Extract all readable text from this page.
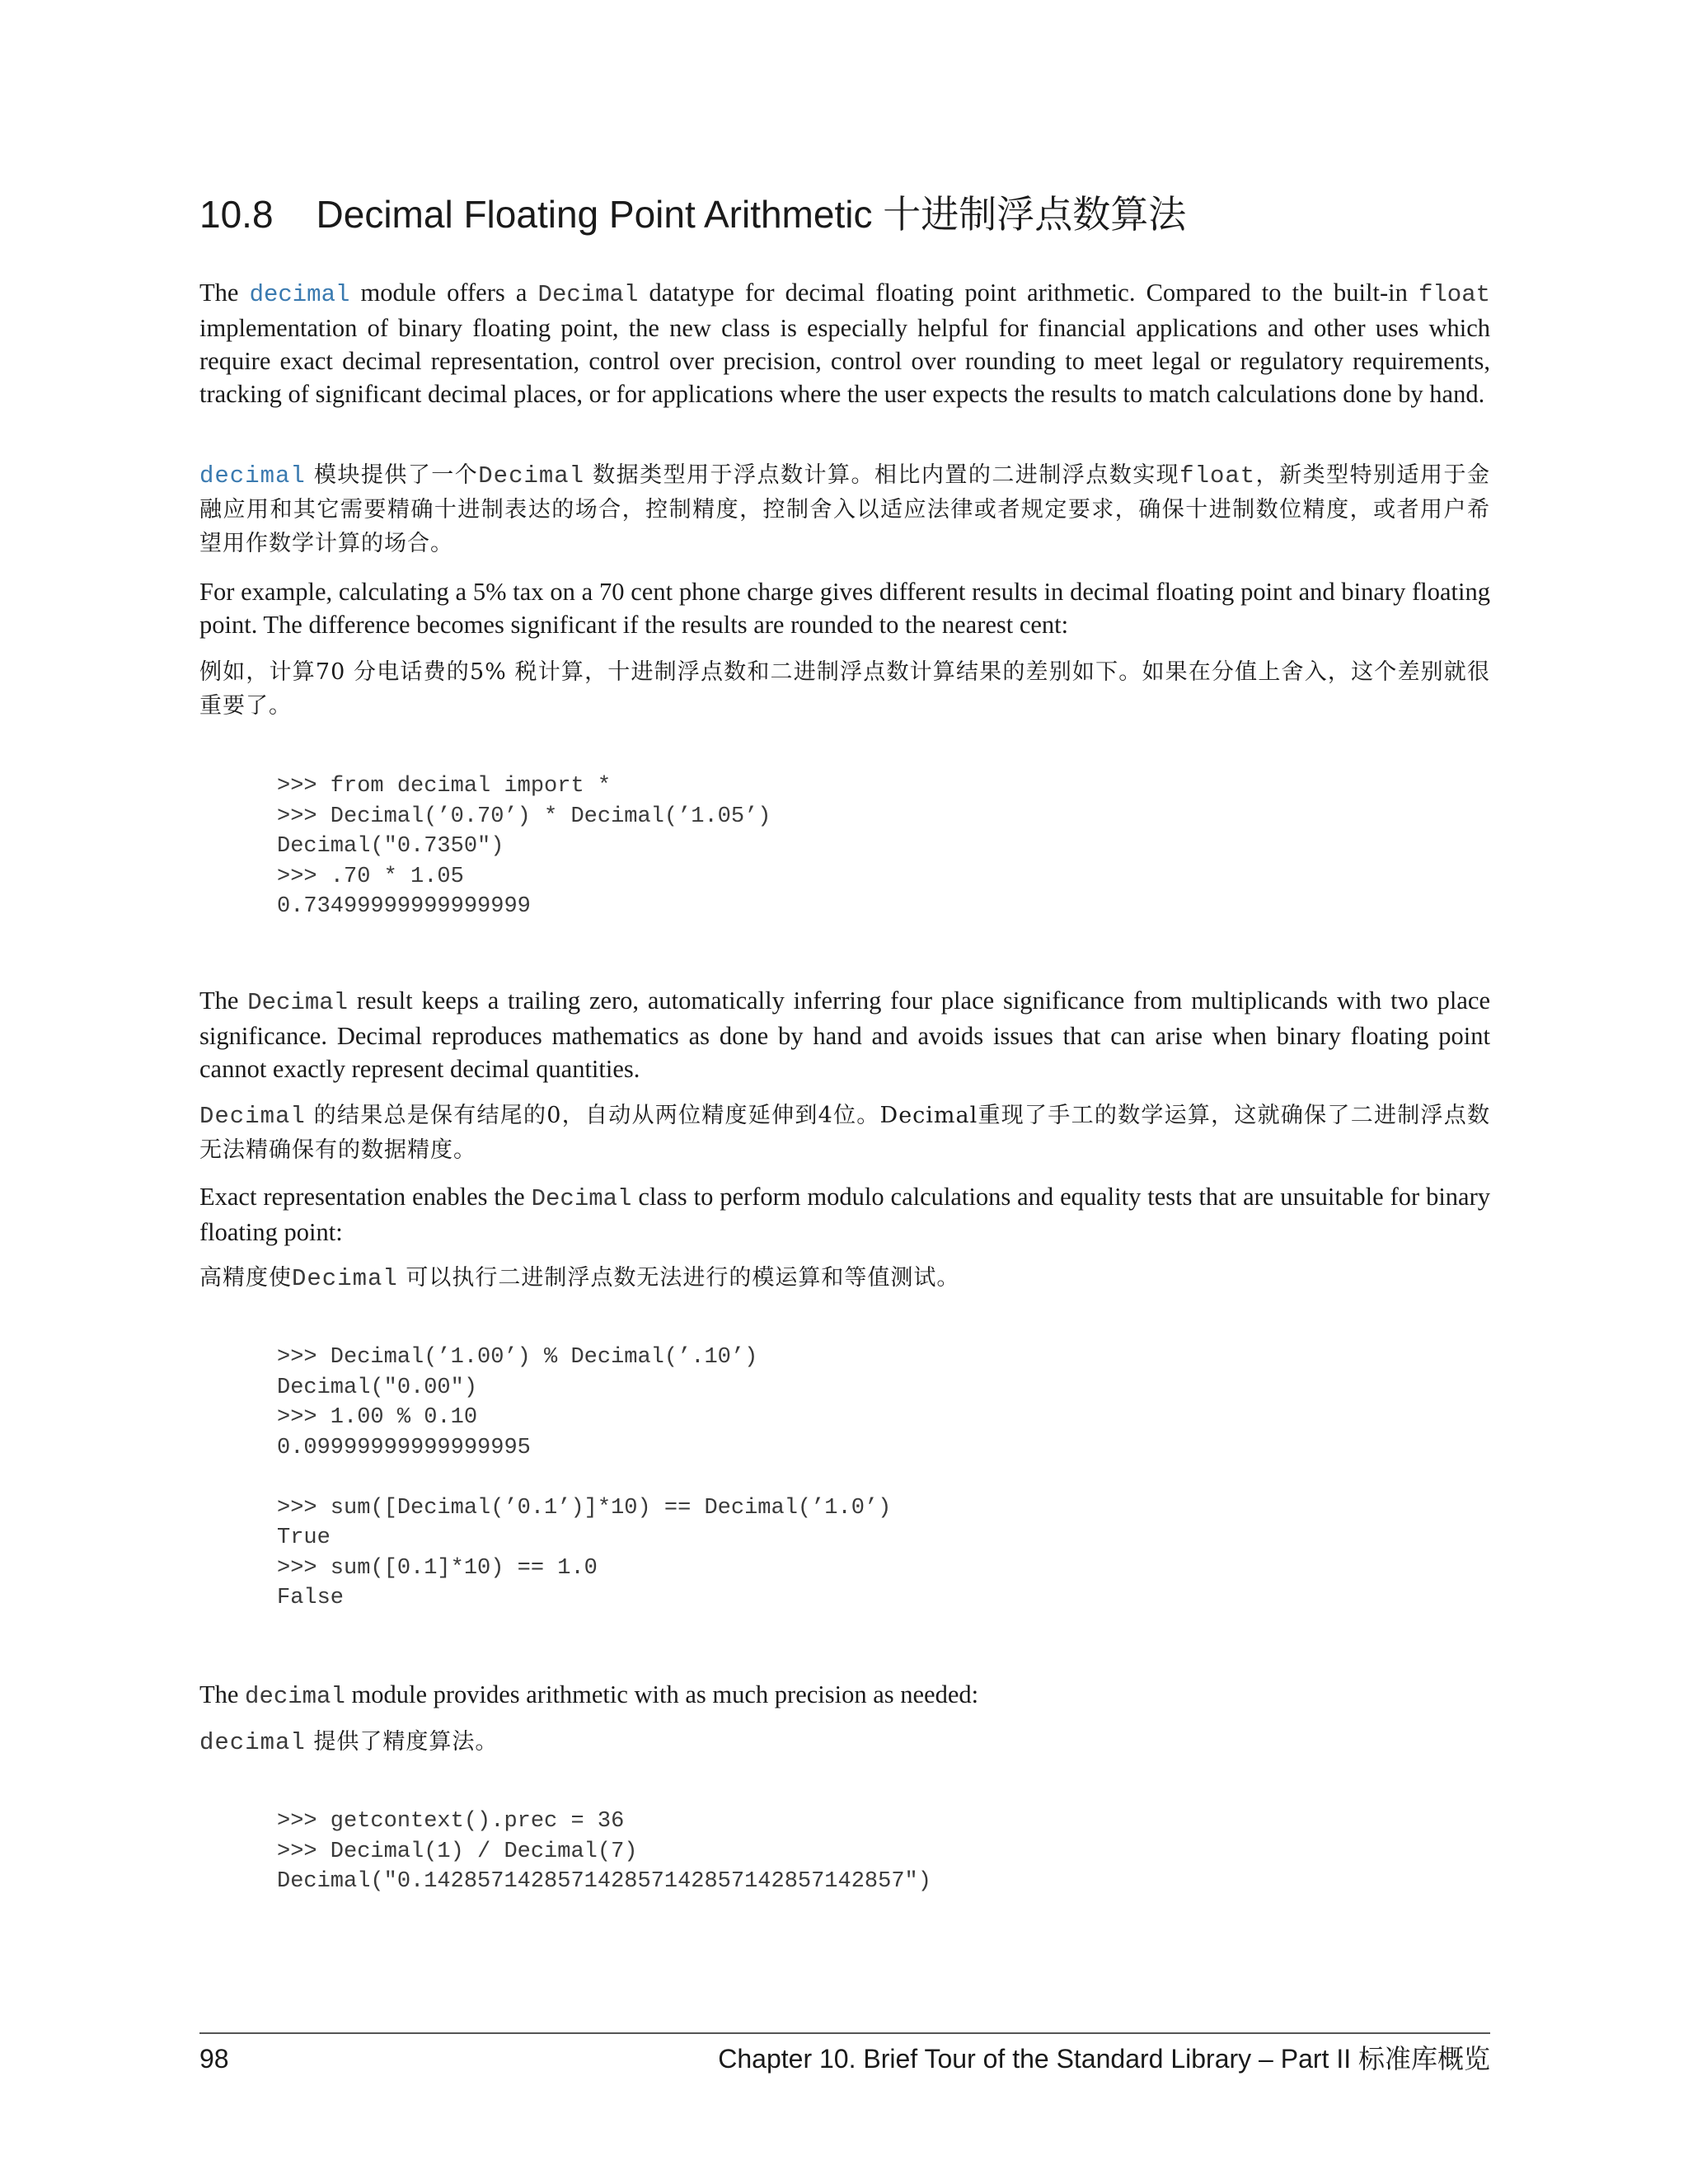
10.8 Decimal Floating Point Arithmetic 十进制浮点数算法

The decimal module offers a Decimal datatype for decimal floating point arithmetic. Compared to the built-in float implementation of binary floating point, the new class is especially helpful for financial applications and other uses which require exact decimal representation, control over precision, control over rounding to meet legal or regulatory requirements, tracking of significant decimal places, or for applications where the user expects the results to match calculations done by hand.

decimal 模块提供了一个Decimal 数据类型用于浮点数计算。相比内置的二进制浮点数实现float，新类型特别适用于金融应用和其它需要精确十进制表达的场合，控制精度，控制舍入以适应法律或者规定要求，确保十进制数位精度，或者用户希望用作数学计算的场合。

For example, calculating a 5% tax on a 70 cent phone charge gives different results in decimal floating point and binary floating point. The difference becomes significant if the results are rounded to the nearest cent:

例如，计算70 分电话费的5% 税计算，十进制浮点数和二进制浮点数计算结果的差别如下。如果在分值上舍入，这个差别就很重要了。

>>> from decimal import *
>>> Decimal(’0.70’) * Decimal(’1.05’)
Decimal("0.7350")
>>> .70 * 1.05
0.73499999999999999

The Decimal result keeps a trailing zero, automatically inferring four place significance from multiplicands with two place significance. Decimal reproduces mathematics as done by hand and avoids issues that can arise when binary floating point cannot exactly represent decimal quantities.

Decimal 的结果总是保有结尾的0，自动从两位精度延伸到4位。Decimal重现了手工的数学运算，这就确保了二进制浮点数无法精确保有的数据精度。

Exact representation enables the Decimal class to perform modulo calculations and equality tests that are unsuitable for binary floating point:

高精度使Decimal 可以执行二进制浮点数无法进行的模运算和等值测试。

>>> Decimal(’1.00’) % Decimal(’.10’)
Decimal("0.00")
>>> 1.00 % 0.10
0.09999999999999995
>>> sum([Decimal(’0.1’)]*10) == Decimal(’1.0’)
True
>>> sum([0.1]*10) == 1.0
False

The decimal module provides arithmetic with as much precision as needed:

decimal 提供了精度算法。

>>> getcontext().prec = 36
>>> Decimal(1) / Decimal(7)
Decimal("0.142857142857142857142857142857142857")
98	Chapter 10. Brief Tour of the Standard Library – Part II 标准库概览
